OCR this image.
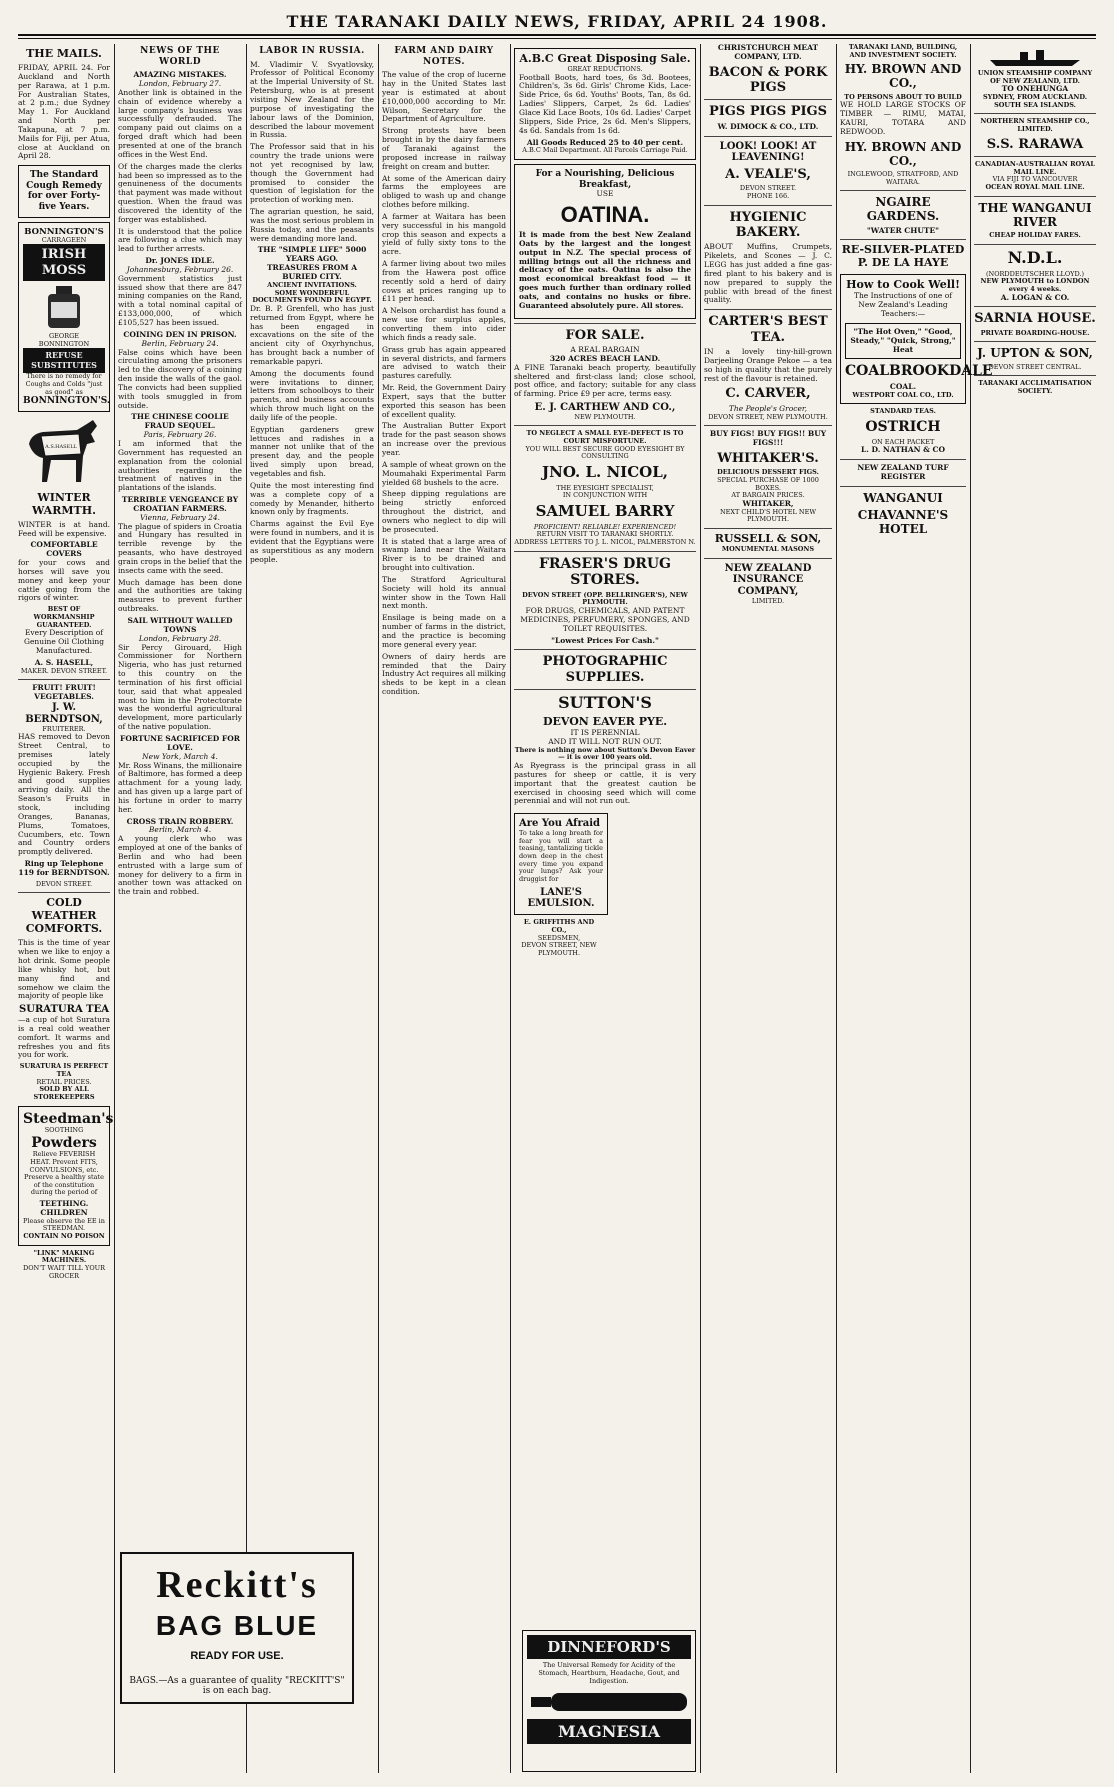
THE TARANAKI DAILY NEWS, FRIDAY, APRIL 24 1908.
THE MAILS.

FRIDAY, APRIL 24. For Auckland and North per Rarawa, at 1 p.m. For Australian States, at 2 p.m.; due Sydney May 1. For Auckland and North per Takapuna, at 7 p.m. Mails for Fiji, per Atua, close at Auckland on April 28.

The Standard Cough Remedy for over Forty-five Years.
BONNINGTON'S
CARRAGEEN
IRISH MOSS
GEORGE BONNINGTON
REFUSE SUBSTITUTES
There is no remedy for Coughs and Colds "just as good" as
BONNINGTON'S.
A.S.HASELL
WINTER WARMTH.

WINTER is at hand. Feed will be expensive.

COMFORTABLE COVERS

for your cows and horses will save you money and keep your cattle going from the rigors of winter.

BEST OF WORKMANSHIP GUARANTEED.

Every Description of Genuine Oil Clothing Manufactured.

A. S. HASELL,
MAKER. DEVON STREET.
FRUIT! FRUIT! VEGETABLES.
J. W. BERNDTSON,
FRUITERER.

HAS removed to Devon Street Central, to premises lately occupied by the Hygienic Bakery. Fresh and good supplies arriving daily. All the Season's Fruits in stock, including Oranges, Bananas, Plums, Tomatoes, Cucumbers, etc. Town and Country orders promptly delivered.

Ring up Telephone 119 for BERNDTSON.

DEVON STREET.
COLD WEATHER COMFORTS.

This is the time of year when we like to enjoy a hot drink. Some people like whisky hot, but many find and somehow we claim the majority of people like

SURATURA TEA

—a cup of hot Suratura is a real cold weather comfort. It warms and refreshes you and fits you for work.

SURATURA IS PERFECT TEA
RETAIL PRICES.
SOLD BY ALL STOREKEEPERS
Steedman's
SOOTHING
Powders

Relieve FEVERISH HEAT. Prevent FITS, CONVULSIONS, etc. Preserve a healthy state of the constitution during the period of

TEETHING.
CHILDREN
Please observe the EE in STEEDMAN.
CONTAIN NO POISON
"LINK" MAKING MACHINES.
DON'T WAIT TILL YOUR GROCER
NEWS OF THE WORLD
AMAZING MISTAKES.
London, February 27.

Another link is obtained in the chain of evidence whereby a large company's business was successfully defrauded. The company paid out claims on a forged draft which had been presented at one of the branch offices in the West End.

Of the charges made the clerks had been so impressed as to the genuineness of the documents that payment was made without question. When the fraud was discovered the identity of the forger was established.

It is understood that the police are following a clue which may lead to further arrests.

Dr. JONES IDLE.
Johannesburg, February 26.

Government statistics just issued show that there are 847 mining companies on the Rand, with a total nominal capital of £133,000,000, of which £105,527 has been issued.

COINING DEN IN PRISON.
Berlin, February 24.

False coins which have been circulating among the prisoners led to the discovery of a coining den inside the walls of the gaol. The convicts had been supplied with tools smuggled in from outside.

THE CHINESE COOLIE FRAUD SEQUEL.
Paris, February 26.

I am informed that the Government has requested an explanation from the colonial authorities regarding the treatment of natives in the plantations of the islands.

TERRIBLE VENGEANCE BY CROATIAN FARMERS.
Vienna, February 24.

The plague of spiders in Croatia and Hungary has resulted in terrible revenge by the peasants, who have destroyed grain crops in the belief that the insects came with the seed.

Much damage has been done and the authorities are taking measures to prevent further outbreaks.

SAIL WITHOUT WALLED TOWNS
London, February 28.

Sir Percy Girouard, High Commissioner for Northern Nigeria, who has just returned to this country on the termination of his first official tour, said that what appealed most to him in the Protectorate was the wonderful agricultural development, more particularly of the native population.

FORTUNE SACRIFICED FOR LOVE.
New York, March 4.

Mr. Ross Winans, the millionaire of Baltimore, has formed a deep attachment for a young lady, and has given up a large part of his fortune in order to marry her.

CROSS TRAIN ROBBERY.
Berlin, March 4.

A young clerk who was employed at one of the banks of Berlin and who had been entrusted with a large sum of money for delivery to a firm in another town was attacked on the train and robbed.

LABOR IN RUSSIA.

M. Vladimir V. Svyatlovsky, Professor of Political Economy at the Imperial University of St. Petersburg, who is at present visiting New Zealand for the purpose of investigating the labour laws of the Dominion, described the labour movement in Russia.

The Professor said that in his country the trade unions were not yet recognised by law, though the Government had promised to consider the question of legislation for the protection of working men.

The agrarian question, he said, was the most serious problem in Russia today, and the peasants were demanding more land.

THE "SIMPLE LIFE" 5000 YEARS AGO.
TREASURES FROM A BURIED CITY.
ANCIENT INVITATIONS.
SOME WONDERFUL DOCUMENTS FOUND IN EGYPT.

Dr. B. P. Grenfell, who has just returned from Egypt, where he has been engaged in excavations on the site of the ancient city of Oxyrhynchus, has brought back a number of remarkable papyri.

Among the documents found were invitations to dinner, letters from schoolboys to their parents, and business accounts which throw much light on the daily life of the people.

Egyptian gardeners grew lettuces and radishes in a manner not unlike that of the present day, and the people lived simply upon bread, vegetables and fish.

Quite the most interesting find was a complete copy of a comedy by Menander, hitherto known only by fragments.

Charms against the Evil Eye were found in numbers, and it is evident that the Egyptians were as superstitious as any modern people.

FARM AND DAIRY NOTES.

The value of the crop of lucerne hay in the United States last year is estimated at about £10,000,000 according to Mr. Wilson, Secretary for the Department of Agriculture.

Strong protests have been brought in by the dairy farmers of Taranaki against the proposed increase in railway freight on cream and butter.

At some of the American dairy farms the employees are obliged to wash up and change clothes before milking.

A farmer at Waitara has been very successful in his mangold crop this season and expects a yield of fully sixty tons to the acre.

A farmer living about two miles from the Hawera post office recently sold a herd of dairy cows at prices ranging up to £11 per head.

A Nelson orchardist has found a new use for surplus apples, converting them into cider which finds a ready sale.

Grass grub has again appeared in several districts, and farmers are advised to watch their pastures carefully.

Mr. Reid, the Government Dairy Expert, says that the butter exported this season has been of excellent quality.

The Australian Butter Export trade for the past season shows an increase over the previous year.

A sample of wheat grown on the Moumahaki Experimental Farm yielded 68 bushels to the acre.

Sheep dipping regulations are being strictly enforced throughout the district, and owners who neglect to dip will be prosecuted.

It is stated that a large area of swamp land near the Waitara River is to be drained and brought into cultivation.

The Stratford Agricultural Society will hold its annual winter show in the Town Hall next month.

Ensilage is being made on a number of farms in the district, and the practice is becoming more general every year.

Owners of dairy herds are reminded that the Dairy Industry Act requires all milking sheds to be kept in a clean condition.

A.B.C Great Disposing Sale.
GREAT REDUCTIONS.

Football Boots, hard toes, 6s 3d. Bootees, Children's, 3s 6d. Girls' Chrome Kids, Lace-Side Price, 6s 6d. Youths' Boots, Tan, 8s 6d. Ladies' Slippers, Carpet, 2s 6d. Ladies' Glace Kid Lace Boots, 10s 6d. Ladies' Carpet Slippers, Side Price, 2s 6d. Men's Slippers, 4s 6d. Sandals from 1s 6d.

All Goods Reduced 25 to 40 per cent.
A.B.C Mail Department. All Parcels Carriage Paid.
For a Nourishing, Delicious Breakfast,
USE
OATINA.

It is made from the best New Zealand Oats by the largest and the longest output in N.Z. The special process of milling brings out all the richness and delicacy of the oats. Oatina is also the most economical breakfast food — it goes much further than ordinary rolled oats, and contains no husks or fibre. Guaranteed absolutely pure. All stores.

FOR SALE.
A REAL BARGAIN
320 ACRES BEACH LAND.

A FINE Taranaki beach property, beautifully sheltered and first-class land; close school, post office, and factory; suitable for any class of farming. Price £9 per acre, terms easy.

E. J. CARTHEW AND CO.,
NEW PLYMOUTH.
TO NEGLECT A SMALL EYE-DEFECT IS TO COURT MISFORTUNE.
YOU WILL BEST SECURE GOOD EYESIGHT BY CONSULTING
JNO. L. NICOL,
THE EYESIGHT SPECIALIST,
IN CONJUNCTION WITH
SAMUEL BARRY
PROFICIENT! RELIABLE! EXPERIENCED!
RETURN VISIT TO TARANAKI SHORTLY.
ADDRESS LETTERS TO J. L. NICOL, PALMERSTON N.
FRASER'S DRUG STORES.
DEVON STREET (OPP. BELLRINGER'S), NEW PLYMOUTH.

FOR DRUGS, CHEMICALS, AND PATENT MEDICINES, PERFUMERY, SPONGES, AND TOILET REQUISITES.

"Lowest Prices For Cash."
PHOTOGRAPHIC SUPPLIES.
SUTTON'S
DEVON EAVER PYE.
IT IS PERENNIAL
AND IT WILL NOT RUN OUT.
There is nothing now about Sutton's Devon Eaver — it is over 100 years old.

As Ryegrass is the principal grass in all pastures for sheep or cattle, it is very important that the greatest caution be exercised in choosing seed which will come perennial and will not run out.

Are You Afraid

To take a long breath for fear you will start a teasing, tantalizing tickle down deep in the chest every time you expand your lungs? Ask your druggist for

LANE'S EMULSION.

E. GRIFFITHS AND CO.,
SEEDSMEN,
DEVON STREET, NEW PLYMOUTH.
CHRISTCHURCH MEAT COMPANY, LTD.
BACON & PORK PIGS
PIGS PIGS PIGS
W. DIMOCK & CO., LTD.
LOOK! LOOK! AT LEAVENING!
A. VEALE'S,
DEVON STREET.
PHONE 166.
HYGIENIC BAKERY.

ABOUT Muffins, Crumpets, Pikelets, and Scones — J. C. LEGG has just added a fine gas-fired plant to his bakery and is now prepared to supply the public with bread of the finest quality.

CARTER'S BEST TEA.

IN a lovely tiny-hill-grown Darjeeling Orange Pekoe — a tea so high in quality that the purely rest of the flavour is retained.

C. CARVER,
The People's Grocer,
DEVON STREET, NEW PLYMOUTH.
BUY FIGS! BUY FIGS!! BUY FIGS!!!
WHITAKER'S.
DELICIOUS DESSERT FIGS.
SPECIAL PURCHASE OF 1000 BOXES.
AT BARGAIN PRICES.
WHITAKER,
NEXT CHILD'S HOTEL NEW PLYMOUTH.
RUSSELL & SON,
MONUMENTAL MASONS
NEW ZEALAND INSURANCE COMPANY,
LIMITED.
TARANAKI LAND, BUILDING, AND INVESTMENT SOCIETY.
HY. BROWN AND CO.,
TO PERSONS ABOUT TO BUILD

WE HOLD LARGE STOCKS OF TIMBER — RIMU, MATAI, KAURI, TOTARA AND REDWOOD.

HY. BROWN AND CO.,
INGLEWOOD, STRATFORD, AND WAITARA.
NGAIRE GARDENS.
"WATER CHUTE"
RE-SILVER-PLATED
P. DE LA HAYE
How to Cook Well!

The Instructions of one of New Zealand's Leading Teachers:—

"The Hot Oven," "Good, Steady," "Quick, Strong," Heat
COALBROOKDALE
COAL.
WESTPORT COAL CO., LTD.
STANDARD TEAS.
OSTRICH
ON EACH PACKET
L. D. NATHAN & CO
NEW ZEALAND TURF REGISTER
WANGANUI
CHAVANNE'S HOTEL
UNION STEAMSHIP COMPANY OF NEW ZEALAND, LTD.
TO ONEHUNGA
SYDNEY, FROM AUCKLAND.
SOUTH SEA ISLANDS.
NORTHERN STEAMSHIP CO., LIMITED.
S.S. RARAWA
CANADIAN-AUSTRALIAN ROYAL MAIL LINE.
VIA FIJI TO VANCOUVER
OCEAN ROYAL MAIL LINE.
THE WANGANUI RIVER
CHEAP HOLIDAY FARES.
N.D.L.
(NORDDEUTSCHER LLOYD.)
NEW PLYMOUTH to LONDON every 4 weeks.
A. LOGAN & CO.
SARNIA HOUSE.
PRIVATE BOARDING-HOUSE.
J. UPTON & SON,
DEVON STREET CENTRAL.
TARANAKI ACCLIMATISATION SOCIETY.
Reckitt's
BAG BLUE
READY FOR USE.
BAGS.—As a guarantee of quality "RECKITT'S" is on each bag.
DINNEFORD'S
The Universal Remedy for Acidity of the Stomach, Heartburn, Headache, Gout, and Indigestion.
MAGNESIA
